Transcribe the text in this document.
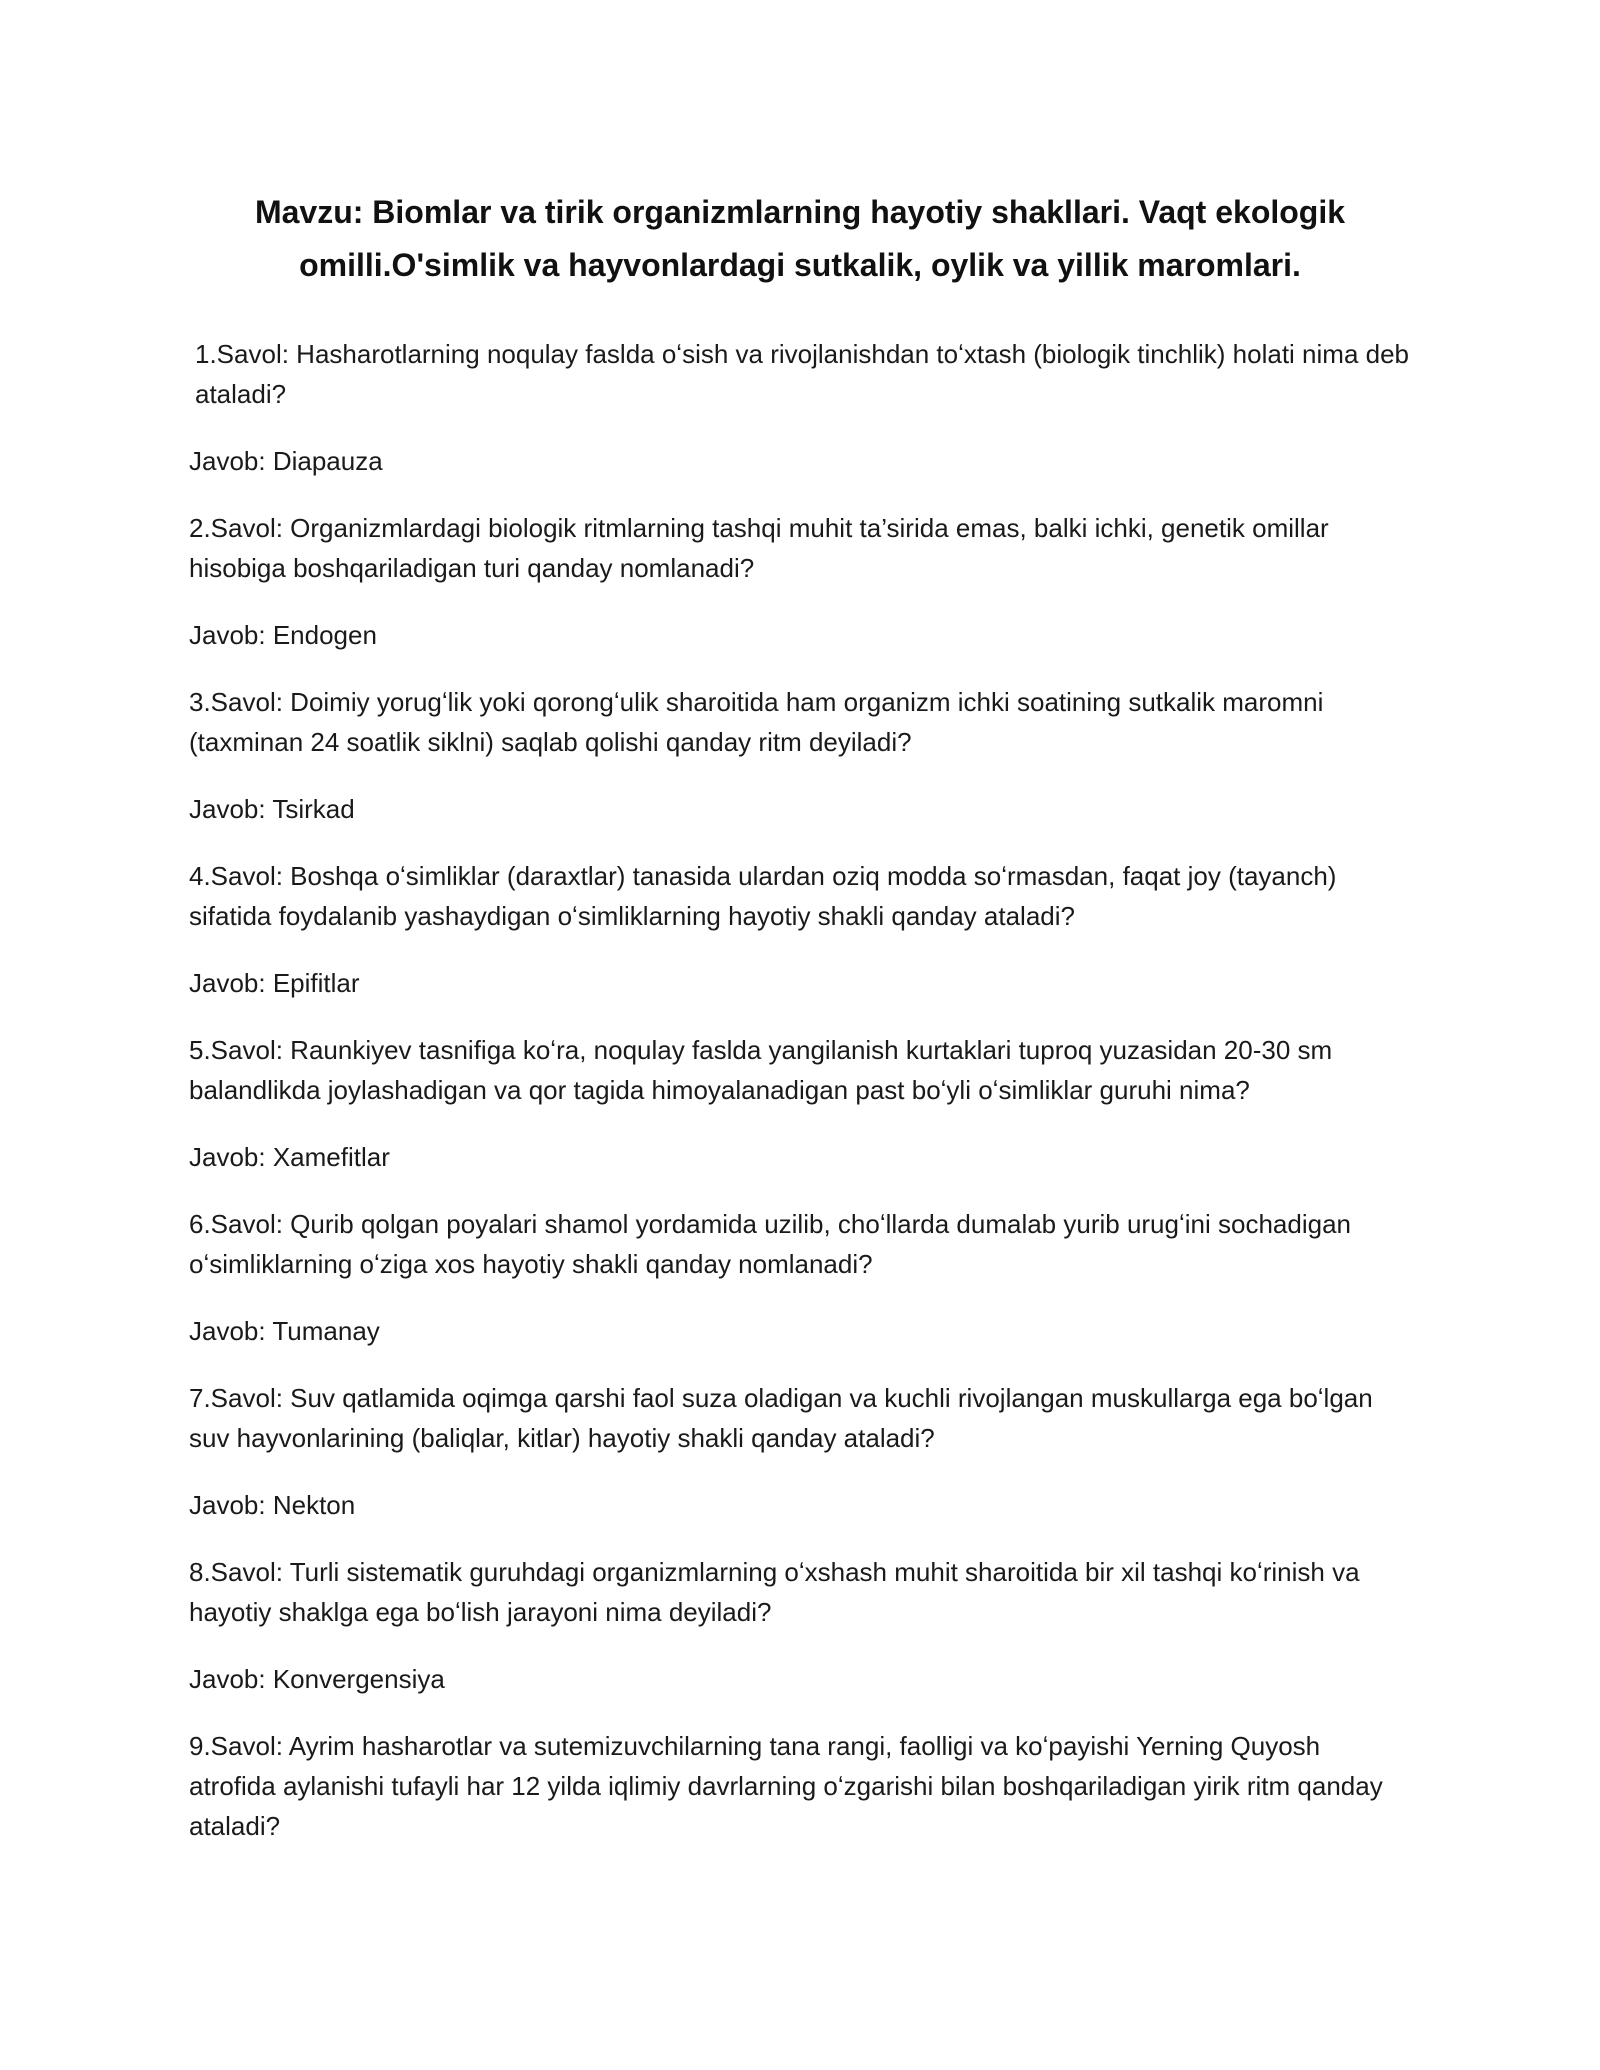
Mavzu: Biomlar va tirik organizmlarning hayotiy shakllari. Vaqt ekologik omilli.O'simlik va hayvonlardagi sutkalik, oylik va yillik maromlari.

1.Savol: Hasharotlarning noqulay faslda oʻsish va rivojlanishdan toʻxtash (biologik tinchlik) holati nima deb ataladi?

Javob: Diapauza

2.Savol: Organizmlardagi biologik ritmlarning tashqi muhit ta’sirida emas, balki ichki, genetik omillar hisobiga boshqariladigan turi qanday nomlanadi?

Javob: Endogen

3.Savol: Doimiy yorugʻlik yoki qorongʻulik sharoitida ham organizm ichki soatining sutkalik maromni (taxminan 24 soatlik siklni) saqlab qolishi qanday ritm deyiladi?

Javob: Tsirkad

4.Savol: Boshqa oʻsimliklar (daraxtlar) tanasida ulardan oziq modda soʻrmasdan, faqat joy (tayanch) sifatida foydalanib yashaydigan oʻsimliklarning hayotiy shakli qanday ataladi?

Javob: Epifitlar

5.Savol: Raunkiyev tasnifiga koʻra, noqulay faslda yangilanish kurtaklari tuproq yuzasidan 20-30 sm balandlikda joylashadigan va qor tagida himoyalanadigan past boʻyli oʻsimliklar guruhi nima?

Javob: Xamefitlar

6.Savol: Qurib qolgan poyalari shamol yordamida uzilib, choʻllarda dumalab yurib urugʻini sochadigan oʻsimliklarning oʻziga xos hayotiy shakli qanday nomlanadi?

Javob: Tumanay

7.Savol: Suv qatlamida oqimga qarshi faol suza oladigan va kuchli rivojlangan muskullarga ega boʻlgan suv hayvonlarining (baliqlar, kitlar) hayotiy shakli qanday ataladi?

Javob: Nekton

8.Savol: Turli sistematik guruhdagi organizmlarning oʻxshash muhit sharoitida bir xil tashqi koʻrinish va hayotiy shaklga ega boʻlish jarayoni nima deyiladi?

Javob: Konvergensiya

9.Savol: Ayrim hasharotlar va sutemizuvchilarning tana rangi, faolligi va koʻpayishi Yerning Quyosh atrofida aylanishi tufayli har 12 yilda iqlimiy davrlarning oʻzgarishi bilan boshqariladigan yirik ritm qanday ataladi?
